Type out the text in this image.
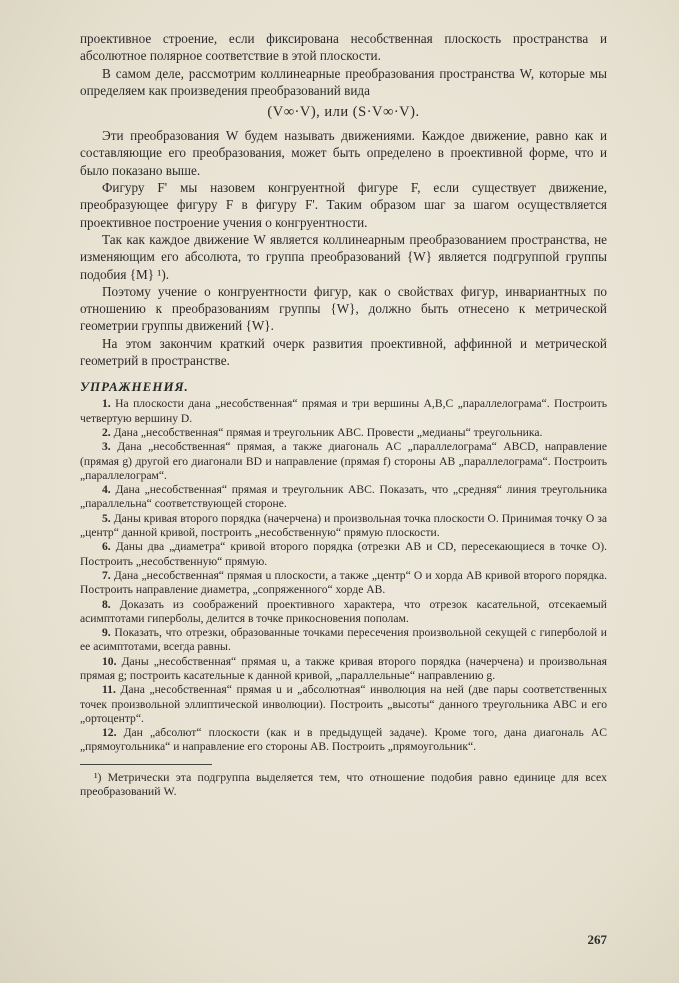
проективное строение, если фиксирована несобственная плоскость пространства и абсолютное полярное соответствие в этой плоскости.

В самом деле, рассмотрим коллинеарные преобразования пространства W, которые мы определяем как произведения преобразований вида

(V∞·V), или (S·V∞·V).

Эти преобразования W будем называть движениями. Каждое движение, равно как и составляющие его преобразования, может быть определено в проективной форме, что и было показано выше.

Фигуру F' мы назовем конгруентной фигуре F, если существует движение, преобразующее фигуру F в фигуру F'. Таким образом шаг за шагом осуществляется проективное построение учения о конгруентности.

Так как каждое движение W является коллинеарным преобразованием пространства, не изменяющим его абсолюта, то группа преобразований {W} является подгруппой группы подобия {M} ¹).

Поэтому учение о конгруентности фигур, как о свойствах фигур, инвариантных по отношению к преобразованиям группы {W}, должно быть отнесено к метрической геометрии группы движений {W}.

На этом закончим краткий очерк развития проективной, аффинной и метрической геометрий в пространстве.

УПРАЖНЕНИЯ.

1. На плоскости дана „несобственная“ прямая и три вершины A,B,C „параллелограма“. Построить четвертую вершину D.

2. Дана „несобственная“ прямая и треугольник ABC. Провести „медианы“ треугольника.

3. Дана „несобственная“ прямая, а также диагональ AC „параллелограма“ ABCD, направление (прямая g) другой его диагонали BD и направление (прямая f) стороны AB „параллелограма“. Построить „параллелограм“.

4. Дана „несобственная“ прямая и треугольник ABC. Показать, что „средняя“ линия треугольника „параллельна“ соответствующей стороне.

5. Даны кривая второго порядка (начерчена) и произвольная точка плоскости O. Принимая точку O за „центр“ данной кривой, построить „несобственную“ прямую плоскости.

6. Даны два „диаметра“ кривой второго порядка (отрезки AB и CD, пересекающиеся в точке O). Построить „несобственную“ прямую.

7. Дана „несобственная“ прямая u плоскости, а также „центр“ O и хорда AB кривой второго порядка. Построить направление диаметра, „сопряженного“ хорде AB.

8. Доказать из соображений проективного характера, что отрезок касательной, отсекаемый асимптотами гиперболы, делится в точке прикосновения пополам.

9. Показать, что отрезки, образованные точками пересечения произвольной секущей с гиперболой и ее асимптотами, всегда равны.

10. Даны „несобственная“ прямая u, а также кривая второго порядка (начерчена) и произвольная прямая g; построить касательные к данной кривой, „параллельные“ направлению g.

11. Дана „несобственная“ прямая u и „абсолютная“ инволюция на ней (две пары соответственных точек произвольной эллиптической инволюции). Построить „высоты“ данного треугольника ABC и его „ортоцентр“.

12. Дан „абсолют“ плоскости (как и в предыдущей задаче). Кроме того, дана диагональ AC „прямоугольника“ и направление его стороны AB. Построить „прямоугольник“.

¹) Метрически эта подгруппа выделяется тем, что отношение подобия равно единице для всех преобразований W.

267
